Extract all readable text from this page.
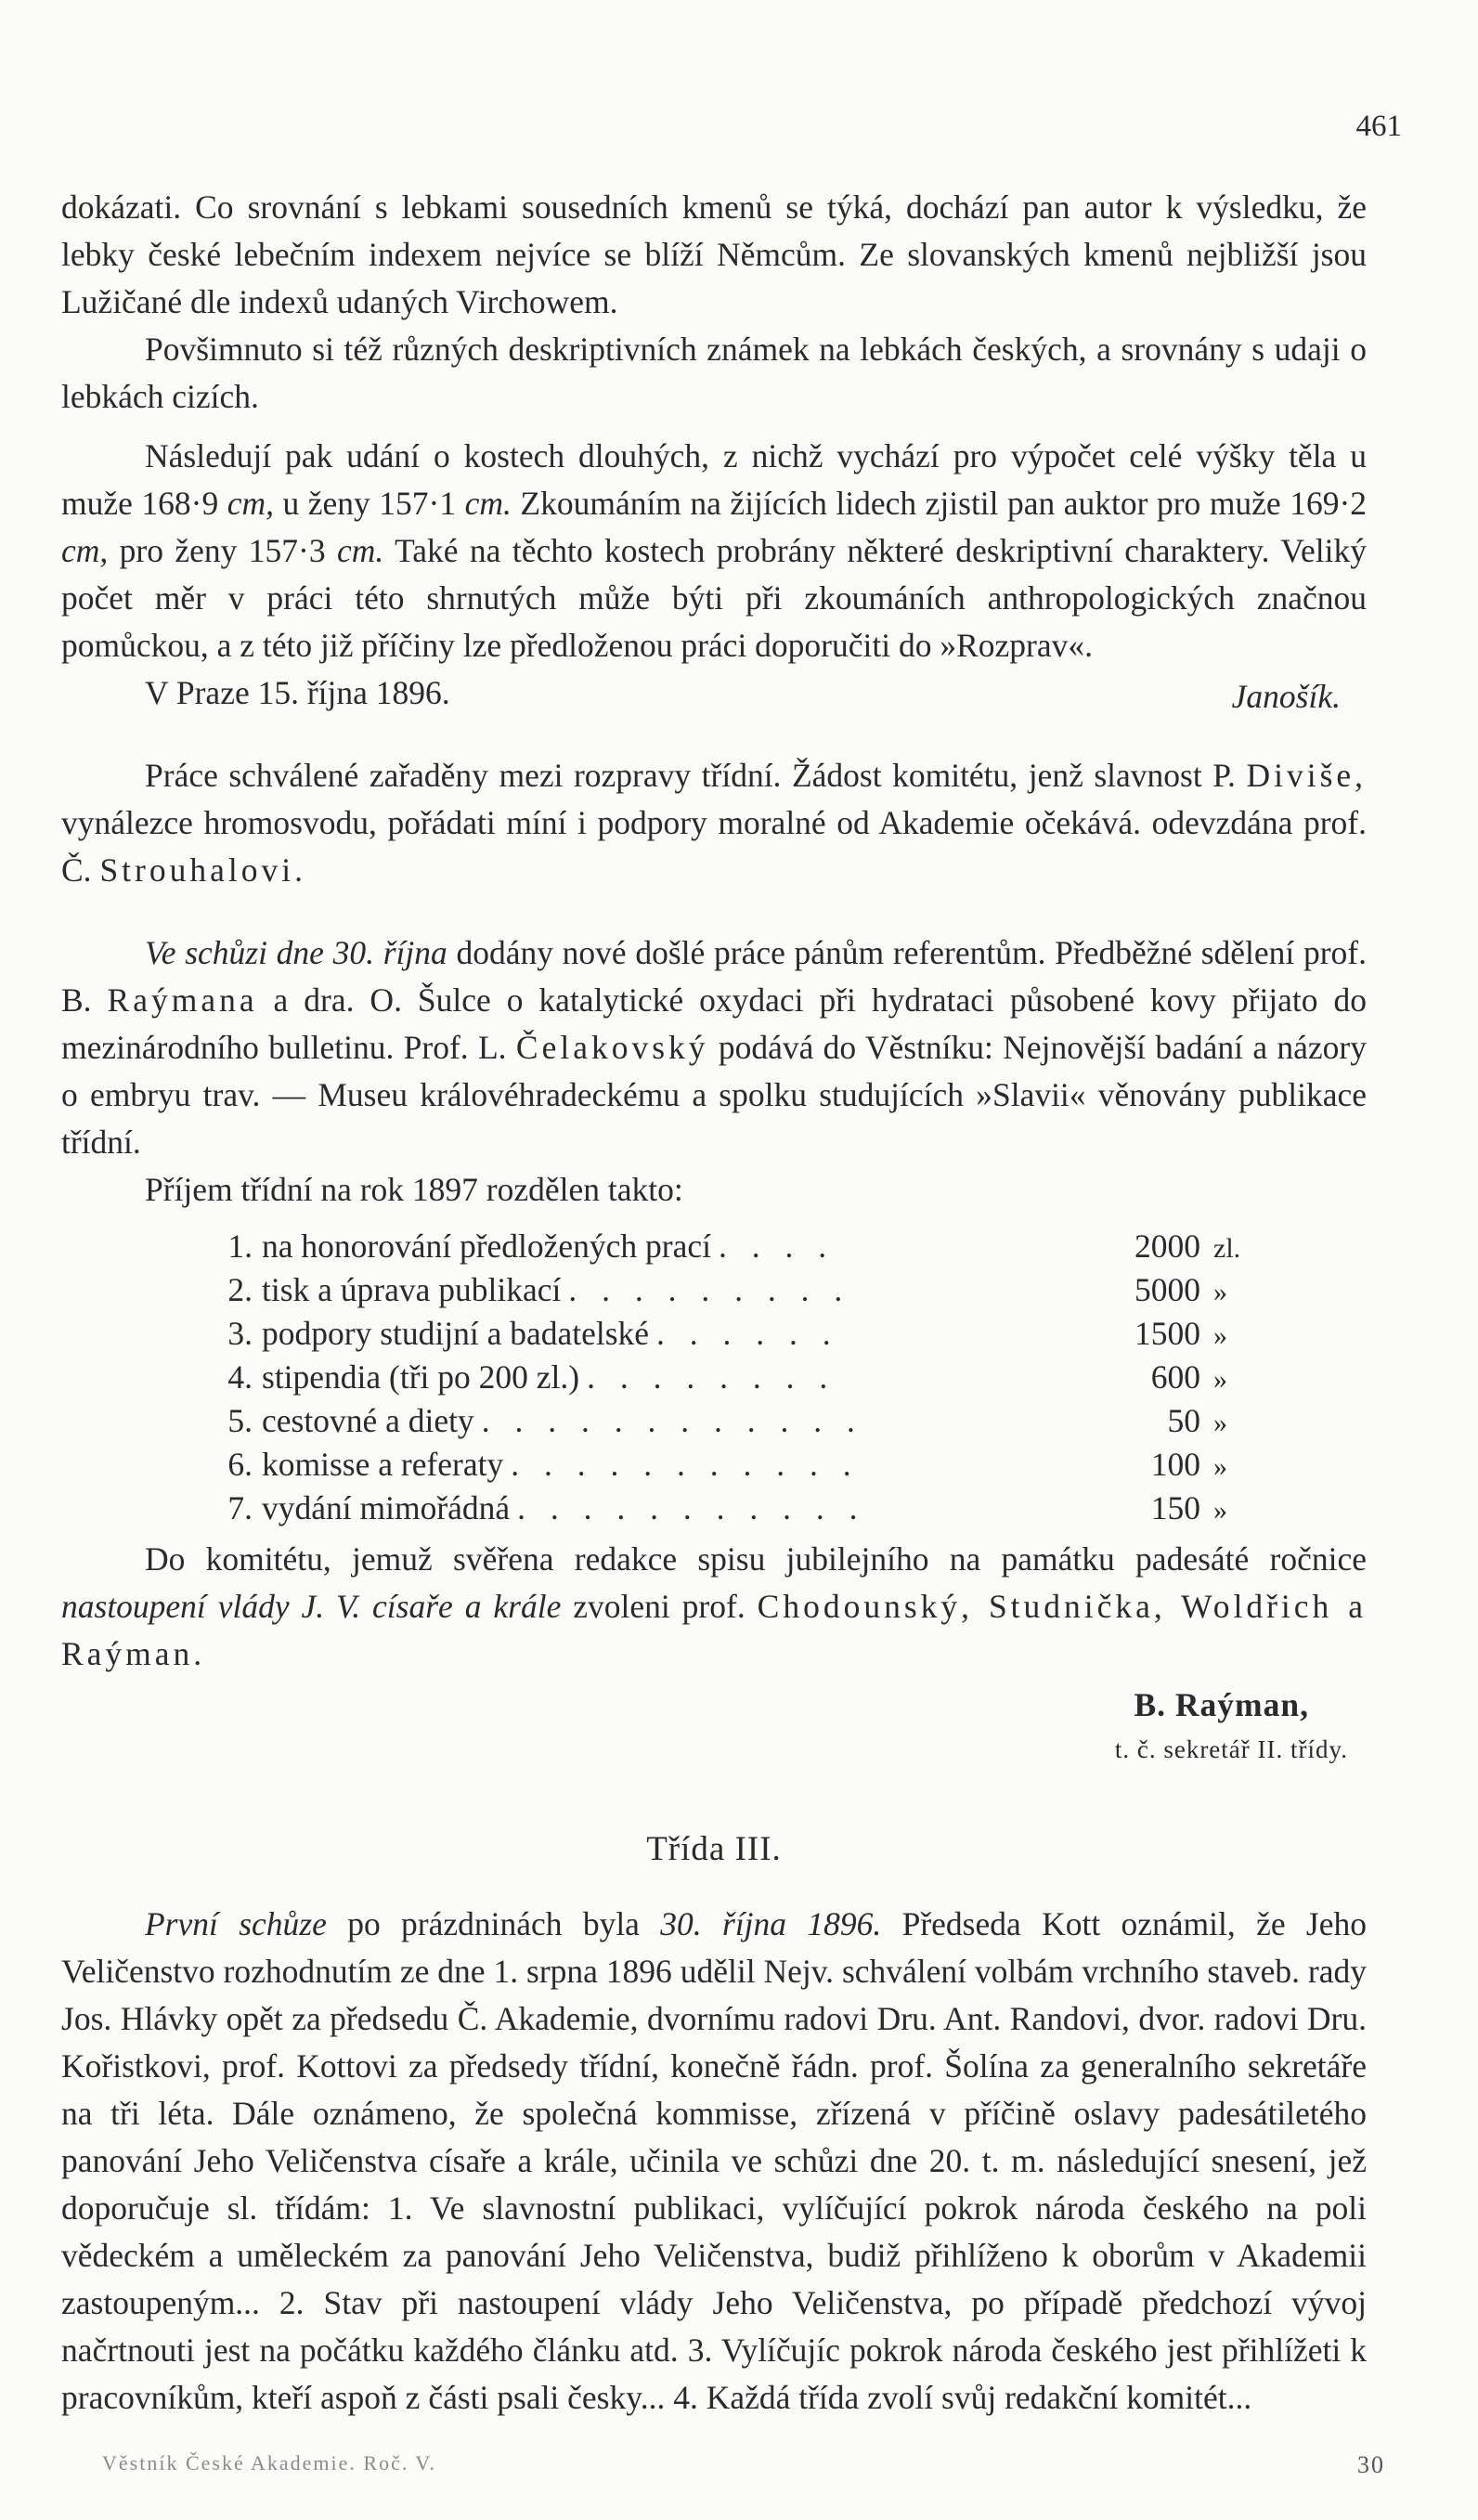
461

dokázati. Co srovnání s lebkami sousedních kmenů se týká, dochází pan autor k výsledku, že lebky české lebečním indexem nejvíce se blíží Němcům. Ze slovanských kmenů nejbližší jsou Lužičané dle indexů udaných Virchowem.

Povšimnuto si též různých deskriptivních známek na lebkách českých, a srovnány s udaji o lebkách cizích.

Následují pak udání o kostech dlouhých, z nichž vychází pro výpočet celé výšky těla u muže 168·9 cm, u ženy 157·1 cm. Zkoumáním na žijících lidech zjistil pan auktor pro muže 169·2 cm, pro ženy 157·3 cm. Také na těchto kostech probrány některé deskriptivní charaktery. Veliký počet měr v práci této shrnutých může býti při zkoumáních anthropologických značnou pomůckou, a z této již příčiny lze předloženou práci doporučiti do »Rozprav«.

V Praze 15. října 1896.	Janošík.

Práce schválené zařaděny mezi rozpravy třídní. Žádost komitétu, jenž slavnost P. Diviše, vynálezce hromosvodu, pořádati míní i podpory moralné od Akademie očekává. odevzdána prof. Č. Strouhalovi.

Ve schůzi dne 30. října dodány nové došlé práce pánům referentům. Předběžné sdělení prof. B. Raýmana a dra. O. Šulce o katalytické oxydaci při hydrataci působené kovy přijato do mezinárodního bulletinu. Prof. L. Čelakovský podává do Věstníku: Nejnovější badání a názory o embryu trav. — Museu královéhradeckému a spolku studujících »Slavii« věnovány publikace třídní.

Příjem třídní na rok 1897 rozdělen takto:

1. na honorování předložených prací . . . .	2000 zl.
2. tisk a úprava publikací . . . . . . . . .	5000 »
3. podpory studijní a badatelské . . . . . .	1500 »
4. stipendia (tři po 200 zl.) . . . . . . . .	600 »
5. cestovné a diety . . . . . . . . . . . .	50 »
6. komisse a referaty . . . . . . . . . . .	100 »
7. vydání mimořádná . . . . . . . . . . .	150 »

Do komitétu, jemuž svěřena redakce spisu jubilejního na památku padesáté ročnice nastoupení vlády J. V. císaře a krále zvoleni prof. Chodounský, Studnička, Woldřich a Raýman.

B. Raýman,

t. č. sekretář II. třídy.

Třída III.

První schůze po prázdninách byla 30. října 1896. Předseda Kott oznámil, že Jeho Veličenstvo rozhodnutím ze dne 1. srpna 1896 udělil Nejv. schválení volbám vrchního staveb. rady Jos. Hlávky opět za předsedu Č. Akademie, dvornímu radovi Dru. Ant. Randovi, dvor. radovi Dru. Kořistkovi, prof. Kottovi za předsedy třídní, konečně řádn. prof. Šolína za generalního sekretáře na tři léta. Dále oznámeno, že společná kommisse, zřízená v příčině oslavy padesátiletého panování Jeho Veličenstva císaře a krále, učinila ve schůzi dne 20. t. m. následující snesení, jež doporučuje sl. třídám: 1. Ve slavnostní publikaci, vylíčující pokrok národa českého na poli vědeckém a uměleckém za panování Jeho Veličenstva, budiž přihlíženo k oborům v Akademii zastoupeným... 2. Stav při nastoupení vlády Jeho Veličenstva, po případě předchozí vývoj načrtnouti jest na počátku každého článku atd. 3. Vylíčujíc pokrok národa českého jest přihlížeti k pracovníkům, kteří aspoň z části psali česky... 4. Každá třída zvolí svůj redakční komitét...

Věstník České Akademie. Roč. V.	30
